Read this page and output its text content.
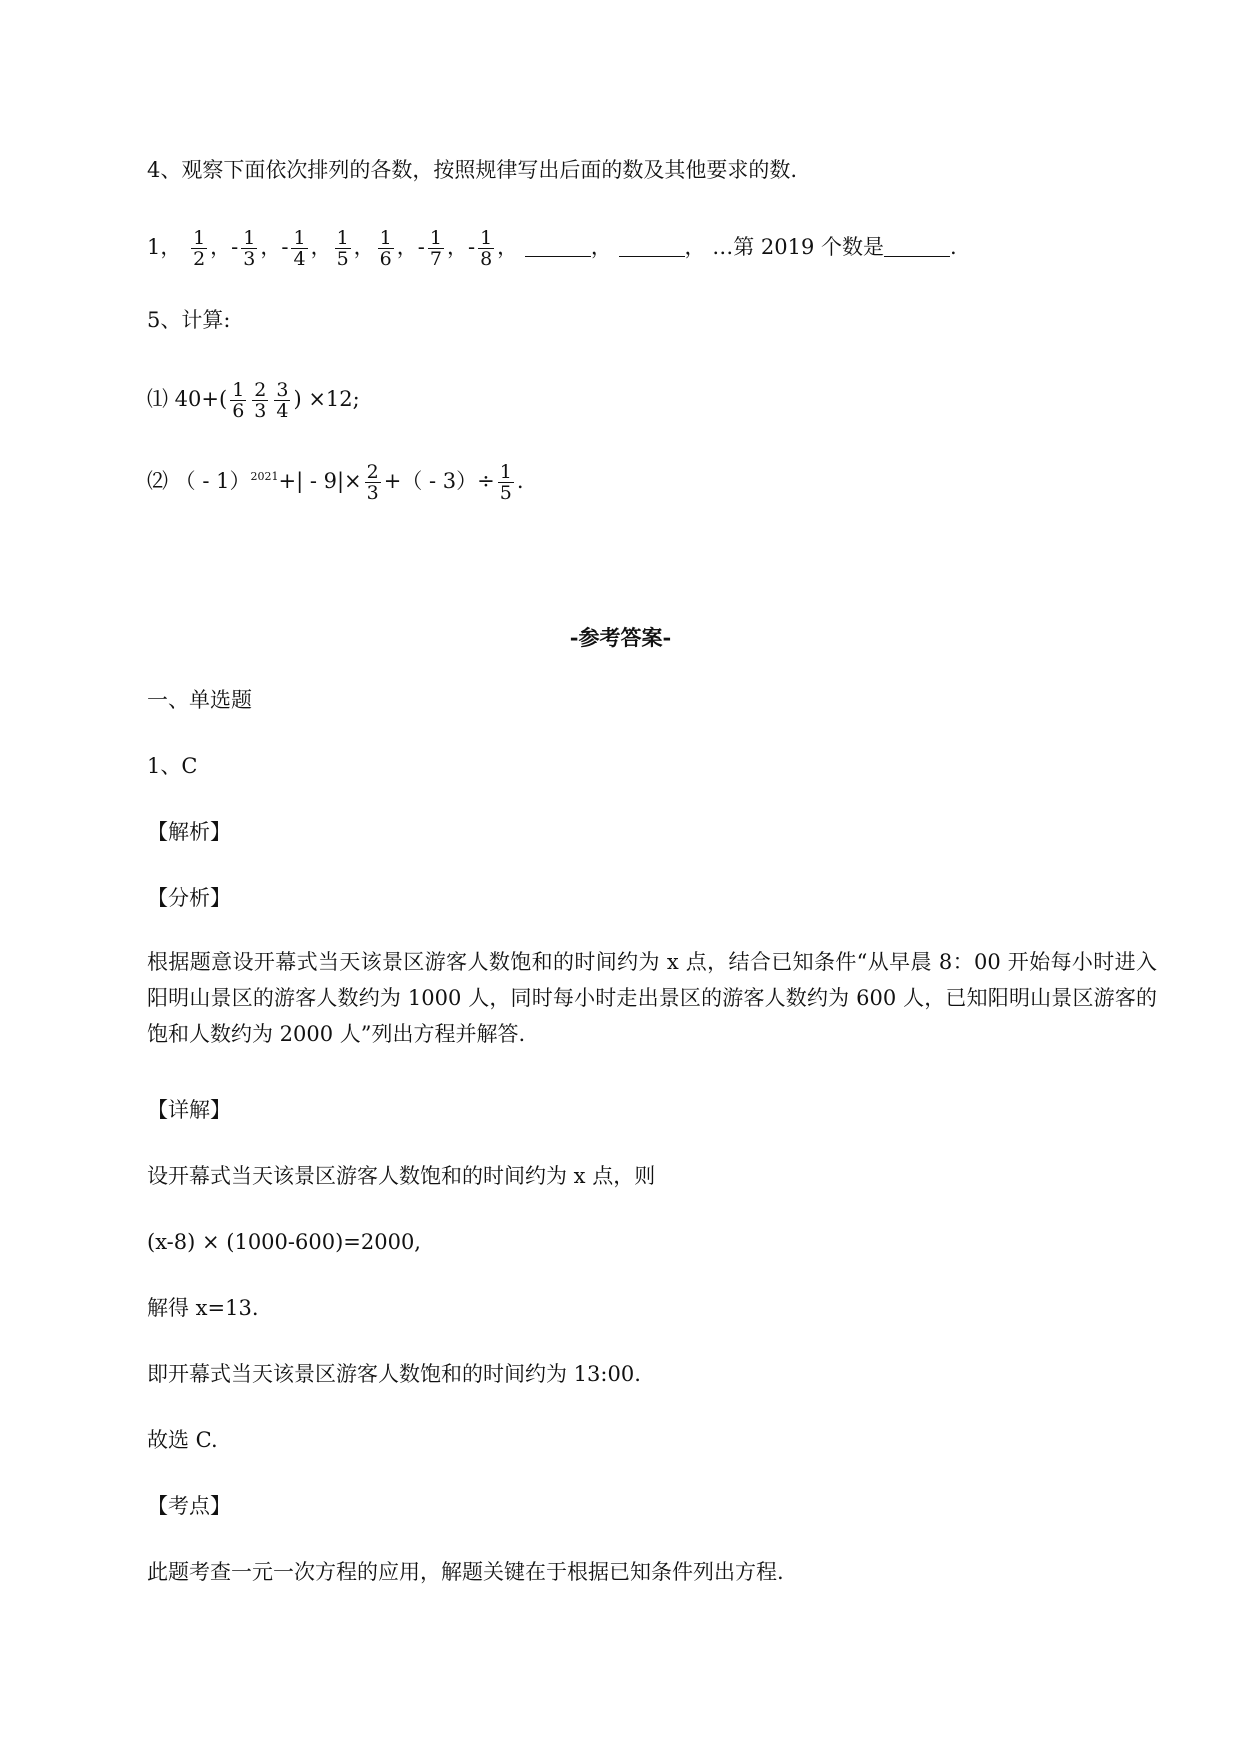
4、观察下面依次排列的各数，按照规律写出后面的数及其他要求的数.
1， $\frac{1}{2}$ ，- $\frac{1}{3}$ ，- $\frac{1}{4}$ ， $\frac{1}{5}$ ， $\frac{1}{6}$ ，- $\frac{1}{7}$ ，- $\frac{1}{8}$ ，	，	， …第 2019 个数是	.
5、计算:
⑴ $40+( \frac{1}{6} \frac{2}{3} \frac{3}{4}$ ) ×12;
⑵ （ - $1)^{2021}+| - 9|\times \frac{2}{3}$ +（ - $3)\div \frac{1}{5}$ .
-参考答案-
一、单选题
1、C
【解析】
【分析】
根据题意设开幕式当天该景区游客人数饱和的时间约为 x 点，结合已知条件“从早晨 8：00 开始每小时进入阳明山景区的游客人数约为 1000 人，同时每小时走出景区的游客人数约为 600 人，已知阳明山景区游客的饱和人数约为 2000 人”列出方程并解答.
【详解】
设开幕式当天该景区游客人数饱和的时间约为 x 点，则
(x-8) × (1000-600)=2000,
解得 x=13.
即开幕式当天该景区游客人数饱和的时间约为 13:00.
故选 C.
【考点】
此题考查一元一次方程的应用，解题关键在于根据已知条件列出方程.
